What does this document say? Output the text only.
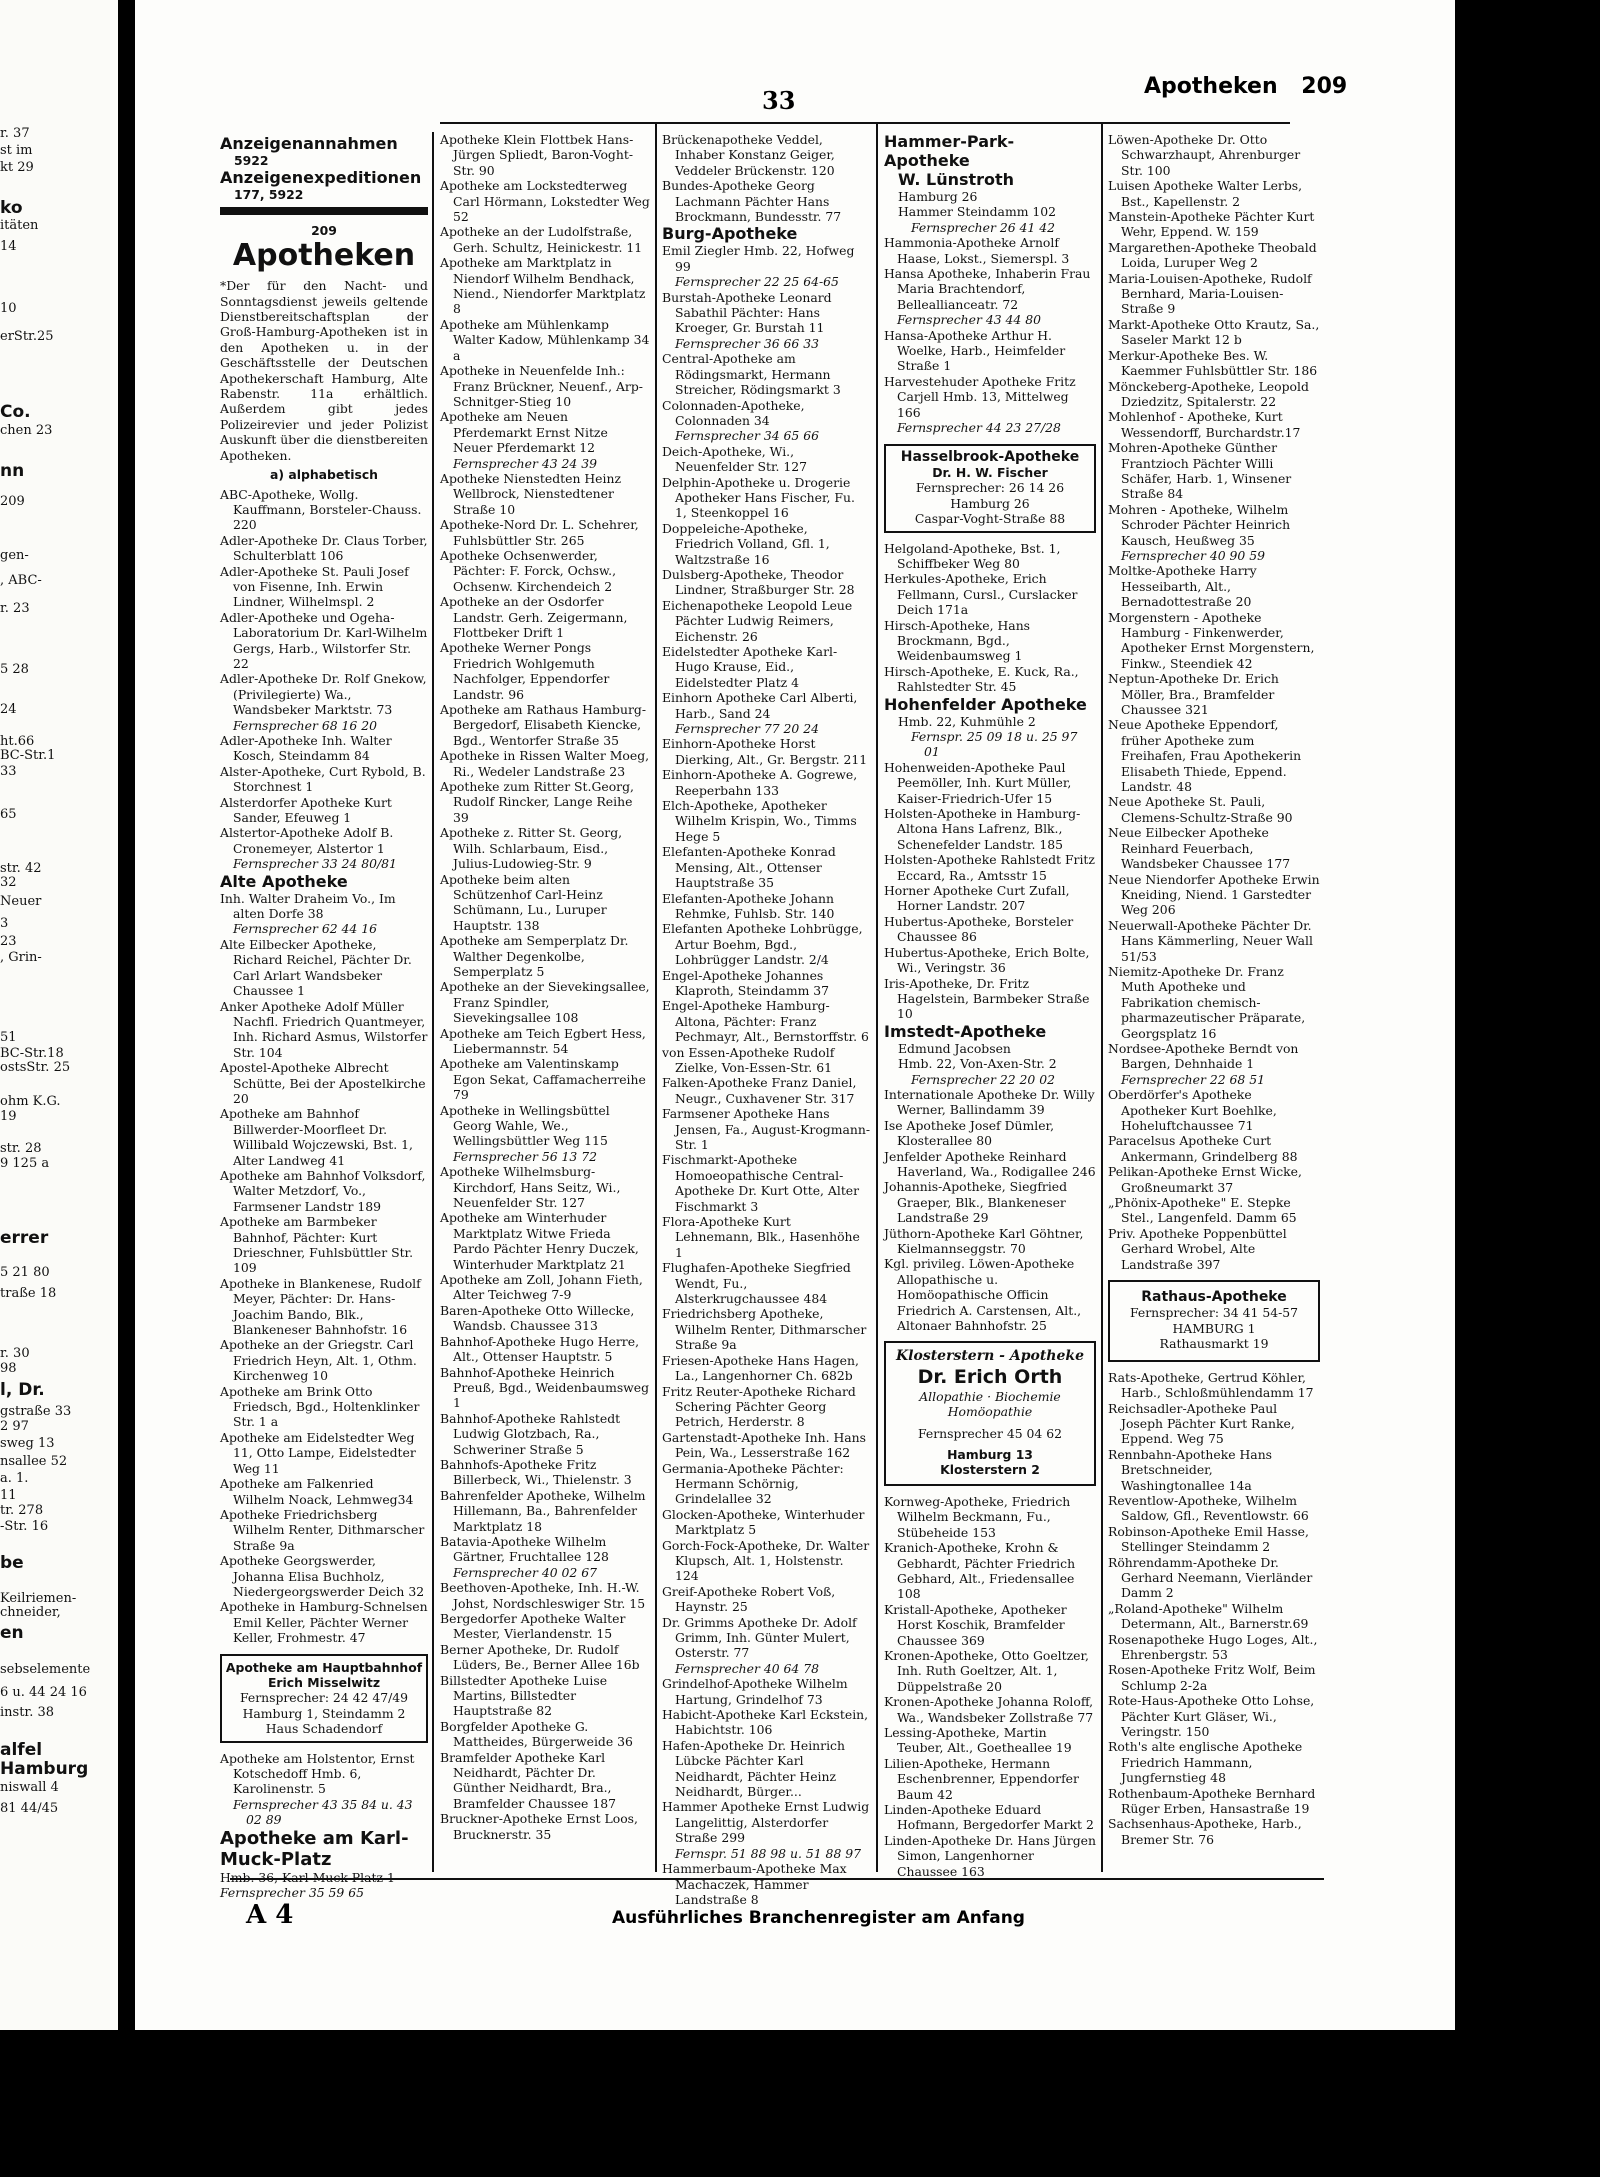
r. 37
st im
kt 29
ko
itäten
14
10
erStr.25
Co.
chen 23
nn
209
gen-
, ABC-
r. 23
5 28
24
ht.66
BC-Str.1
33
65
str. 42
32
Neuer
3
23
, Grin-
51
BC-Str.18
ostsStr. 25
ohm K.G.
19
str. 28
9 125 a
errer
5 21 80
traße 18
r. 30
98
l, Dr.
gstraße 33
2 97
sweg 13
nsallee 52
a. 1.
11
tr. 278
-Str. 16
be
Keilriemen-
chneider,
en
sebselemente
6 u. 44 24 16
instr. 38
alfel
Hamburg
niswall 4
81 44/45
33	Apotheken 209
Anzeigenannahmen
5922
Anzeigenexpeditionen
177, 5922
209
Apotheken

*Der für den Nacht- und Sonntagsdienst jeweils geltende Dienstbereitschaftsplan der Groß-Hamburg-Apotheken ist in den Apotheken u. in der Geschäftsstelle der Deutschen Apothekerschaft Hamburg, Alte Rabenstr. 11a erhältlich. Außerdem gibt jedes Polizeirevier und jeder Polizist Auskunft über die dienstbereiten Apotheken.

a) alphabetisch

ABC-Apotheke, Wollg. Kauffmann, Borsteler-Chauss. 220

Adler-Apotheke Dr. Claus Torber, Schulterblatt 106

Adler-Apotheke St. Pauli Josef von Fisenne, Inh. Erwin Lindner, Wilhelmspl. 2

Adler-Apotheke und Ogeha-Laboratorium Dr. Karl-Wilhelm Gergs, Harb., Wilstorfer Str. 22

Adler-Apotheke Dr. Rolf Gnekow, (Privilegierte) Wa., Wandsbeker Marktstr. 73

Fernsprecher 68 16 20

Adler-Apotheke Inh. Walter Kosch, Steindamm 84

Alster-Apotheke, Curt Rybold, B. Storchnest 1

Alsterdorfer Apotheke Kurt Sander, Efeuweg 1

Alstertor-Apotheke Adolf B. Cronemeyer, Alstertor 1

Fernsprecher 33 24 80/81

Alte Apotheke

Inh. Walter Draheim Vo., Im alten Dorfe 38

Fernsprecher 62 44 16

Alte Eilbecker Apotheke, Richard Reichel, Pächter Dr. Carl Arlart Wandsbeker Chaussee 1

Anker Apotheke Adolf Müller Nachfl. Friedrich Quantmeyer, Inh. Richard Asmus, Wilstorfer Str. 104

Apostel-Apotheke Albrecht Schütte, Bei der Apostelkirche 20

Apotheke am Bahnhof Billwerder-Moorfleet Dr. Willibald Wojczewski, Bst. 1, Alter Landweg 41

Apotheke am Bahnhof Volksdorf, Walter Metzdorf, Vo., Farmsener Landstr 189

Apotheke am Barmbeker Bahnhof, Pächter: Kurt Drieschner, Fuhlsbüttler Str. 109

Apotheke in Blankenese, Rudolf Meyer, Pächter: Dr. Hans-Joachim Bando, Blk., Blankeneser Bahnhofstr. 16

Apotheke an der Griegstr. Carl Friedrich Heyn, Alt. 1, Othm. Kirchenweg 10

Apotheke am Brink Otto Friedsch, Bgd., Holtenklinker Str. 1 a

Apotheke am Eidelstedter Weg 11, Otto Lampe, Eidelstedter Weg 11

Apotheke am Falkenried Wilhelm Noack, Lehmweg34

Apotheke Friedrichsberg Wilhelm Renter, Dithmarscher Straße 9a

Apotheke Georgswerder, Johanna Elisa Buchholz, Niedergeorgswerder Deich 32

Apotheke in Hamburg-Schnelsen Emil Keller, Pächter Werner Keller, Frohmestr. 47

Apotheke am Hauptbahnhof
Erich Misselwitz
Fernsprecher: 24 42 47/49
Hamburg 1, Steindamm 2
Haus Schadendorf

Apotheke am Holstentor, Ernst Kotschedoff Hmb. 6, Karolinenstr. 5

Fernsprecher 43 35 84 u. 43 02 89

Apotheke am Karl-Muck-Platz

Hmb. 36, Karl-Muck-Platz 1

Fernsprecher 35 59 65

Apotheke Klein Flottbek Hans-Jürgen Spliedt, Baron-Voght-Str. 90

Apotheke am Lockstedterweg Carl Hörmann, Lokstedter Weg 52

Apotheke an der Ludolfstraße, Gerh. Schultz, Heinickestr. 11

Apotheke am Marktplatz in Niendorf Wilhelm Bendhack, Niend., Niendorfer Marktplatz 8

Apotheke am Mühlenkamp Walter Kadow, Mühlenkamp 34 a

Apotheke in Neuenfelde Inh.: Franz Brückner, Neuenf., Arp-Schnitger-Stieg 10

Apotheke am Neuen Pferdemarkt Ernst Nitze Neuer Pferdemarkt 12

Fernsprecher 43 24 39

Apotheke Nienstedten Heinz Wellbrock, Nienstedtener Straße 10

Apotheke-Nord Dr. L. Schehrer, Fuhlsbüttler Str. 265

Apotheke Ochsenwerder, Pächter: F. Forck, Ochsw., Ochsenw. Kirchendeich 2

Apotheke an der Osdorfer Landstr. Gerh. Zeigermann, Flottbeker Drift 1

Apotheke Werner Pongs Friedrich Wohlgemuth Nachfolger, Eppendorfer Landstr. 96

Apotheke am Rathaus Hamburg-Bergedorf, Elisabeth Kiencke, Bgd., Wentorfer Straße 35

Apotheke in Rissen Walter Moeg, Ri., Wedeler Landstraße 23

Apotheke zum Ritter St.Georg, Rudolf Rincker, Lange Reihe 39

Apotheke z. Ritter St. Georg, Wilh. Schlarbaum, Eisd., Julius-Ludowieg-Str. 9

Apotheke beim alten Schützenhof Carl-Heinz Schümann, Lu., Luruper Hauptstr. 138

Apotheke am Semperplatz Dr. Walther Degenkolbe, Semperplatz 5

Apotheke an der Sievekingsallee, Franz Spindler, Sievekingsallee 108

Apotheke am Teich Egbert Hess, Liebermannstr. 54

Apotheke am Valentinskamp Egon Sekat, Caffamacherreihe 79

Apotheke in Wellingsbüttel Georg Wahle, We., Wellingsbüttler Weg 115

Fernsprecher 56 13 72

Apotheke Wilhelmsburg-Kirchdorf, Hans Seitz, Wi., Neuenfelder Str. 127

Apotheke am Winterhuder Marktplatz Witwe Frieda Pardo Pächter Henry Duczek, Winterhuder Marktplatz 21

Apotheke am Zoll, Johann Fieth, Alter Teichweg 7-9

Baren-Apotheke Otto Willecke, Wandsb. Chaussee 313

Bahnhof-Apotheke Hugo Herre, Alt., Ottenser Hauptstr. 5

Bahnhof-Apotheke Heinrich Preuß, Bgd., Weidenbaumsweg 1

Bahnhof-Apotheke Rahlstedt Ludwig Glotzbach, Ra., Schweriner Straße 5

Bahnhofs-Apotheke Fritz Billerbeck, Wi., Thielenstr. 3

Bahrenfelder Apotheke, Wilhelm Hillemann, Ba., Bahrenfelder Marktplatz 18

Batavia-Apotheke Wilhelm Gärtner, Fruchtallee 128

Fernsprecher 40 02 67

Beethoven-Apotheke, Inh. H.-W. Johst, Nordschleswiger Str. 15

Bergedorfer Apotheke Walter Mester, Vierlandenstr. 15

Berner Apotheke, Dr. Rudolf Lüders, Be., Berner Allee 16b

Billstedter Apotheke Luise Martins, Billstedter Hauptstraße 82

Borgfelder Apotheke G. Mattheides, Bürgerweide 36

Bramfelder Apotheke Karl Neidhardt, Pächter Dr. Günther Neidhardt, Bra., Bramfelder Chaussee 187

Bruckner-Apotheke Ernst Loos, Brucknerstr. 35

Brückenapotheke Veddel, Inhaber Konstanz Geiger, Veddeler Brückenstr. 120

Bundes-Apotheke Georg Lachmann Pächter Hans Brockmann, Bundesstr. 77

Burg-Apotheke

Emil Ziegler Hmb. 22, Hofweg 99

Fernsprecher 22 25 64-65

Burstah-Apotheke Leonard Sabathil Pächter: Hans Kroeger, Gr. Burstah 11

Fernsprecher 36 66 33

Central-Apotheke am Rödingsmarkt, Hermann Streicher, Rödingsmarkt 3

Colonnaden-Apotheke, Colonnaden 34

Fernsprecher 34 65 66

Deich-Apotheke, Wi., Neuenfelder Str. 127

Delphin-Apotheke u. Drogerie Apotheker Hans Fischer, Fu. 1, Steenkoppel 16

Doppeleiche-Apotheke, Friedrich Volland, Gfl. 1, Waltzstraße 16

Dulsberg-Apotheke, Theodor Lindner, Straßburger Str. 28

Eichenapotheke Leopold Leue Pächter Ludwig Reimers, Eichenstr. 26

Eidelstedter Apotheke Karl-Hugo Krause, Eid., Eidelstedter Platz 4

Einhorn Apotheke Carl Alberti, Harb., Sand 24

Fernsprecher 77 20 24

Einhorn-Apotheke Horst Dierking, Alt., Gr. Bergstr. 211

Einhorn-Apotheke A. Gogrewe, Reeperbahn 133

Elch-Apotheke, Apotheker Wilhelm Krispin, Wo., Timms Hege 5

Elefanten-Apotheke Konrad Mensing, Alt., Ottenser Hauptstraße 35

Elefanten-Apotheke Johann Rehmke, Fuhlsb. Str. 140

Elefanten Apotheke Lohbrügge, Artur Boehm, Bgd., Lohbrügger Landstr. 2/4

Engel-Apotheke Johannes Klaproth, Steindamm 37

Engel-Apotheke Hamburg-Altona, Pächter: Franz Pechmayr, Alt., Bernstorffstr. 6

von Essen-Apotheke Rudolf Zielke, Von-Essen-Str. 61

Falken-Apotheke Franz Daniel, Neugr., Cuxhavener Str. 317

Farmsener Apotheke Hans Jensen, Fa., August-Krogmann-Str. 1

Fischmarkt-Apotheke Homoeopathische Central-Apotheke Dr. Kurt Otte, Alter Fischmarkt 3

Flora-Apotheke Kurt Lehnemann, Blk., Hasenhöhe 1

Flughafen-Apotheke Siegfried Wendt, Fu., Alsterkrugchaussee 484

Friedrichsberg Apotheke, Wilhelm Renter, Dithmarscher Straße 9a

Friesen-Apotheke Hans Hagen, La., Langenhorner Ch. 682b

Fritz Reuter-Apotheke Richard Schering Pächter Georg Petrich, Herderstr. 8

Gartenstadt-Apotheke Inh. Hans Pein, Wa., Lesserstraße 162

Germania-Apotheke Pächter: Hermann Schörnig, Grindelallee 32

Glocken-Apotheke, Winterhuder Marktplatz 5

Gorch-Fock-Apotheke, Dr. Walter Klupsch, Alt. 1, Holstenstr. 124

Greif-Apotheke Robert Voß, Haynstr. 25

Dr. Grimms Apotheke Dr. Adolf Grimm, Inh. Günter Mulert, Osterstr. 77

Fernsprecher 40 64 78

Grindelhof-Apotheke Wilhelm Hartung, Grindelhof 73

Habicht-Apotheke Karl Eckstein, Habichtstr. 106

Hafen-Apotheke Dr. Heinrich Lübcke Pächter Karl Neidhardt, Pächter Heinz Neidhardt, Bürger...

Hammer Apotheke Ernst Ludwig Langelittig, Alsterdorfer Straße 299

Fernspr. 51 88 98 u. 51 88 97

Hammerbaum-Apotheke Max Machaczek, Hammer Landstraße 8

Hammer-Park-Apotheke
W. Lünstroth

Hamburg 26

Hammer Steindamm 102

Fernsprecher 26 41 42

Hammonia-Apotheke Arnolf Haase, Lokst., Siemerspl. 3

Hansa Apotheke, Inhaberin Frau Maria Brachtendorf, Belleallianceatr. 72

Fernsprecher 43 44 80

Hansa-Apotheke Arthur H. Woelke, Harb., Heimfelder Straße 1

Harvestehuder Apotheke Fritz Carjell Hmb. 13, Mittelweg 166

Fernsprecher 44 23 27/28

Hasselbrook-Apotheke
Dr. H. W. Fischer
Fernsprecher: 26 14 26
Hamburg 26
Caspar-Voght-Straße 88

Helgoland-Apotheke, Bst. 1, Schiffbeker Weg 80

Herkules-Apotheke, Erich Fellmann, Cursl., Curslacker Deich 171a

Hirsch-Apotheke, Hans Brockmann, Bgd., Weidenbaumsweg 1

Hirsch-Apotheke, E. Kuck, Ra., Rahlstedter Str. 45

Hohenfelder Apotheke

Hmb. 22, Kuhmühle 2

Fernspr. 25 09 18 u. 25 97 01

Hohenweiden-Apotheke Paul Peemöller, Inh. Kurt Müller, Kaiser-Friedrich-Ufer 15

Holsten-Apotheke in Hamburg-Altona Hans Lafrenz, Blk., Schenefelder Landstr. 185

Holsten-Apotheke Rahlstedt Fritz Eccard, Ra., Amtsstr 15

Horner Apotheke Curt Zufall, Horner Landstr. 207

Hubertus-Apotheke, Borsteler Chaussee 86

Hubertus-Apotheke, Erich Bolte, Wi., Veringstr. 36

Iris-Apotheke, Dr. Fritz Hagelstein, Barmbeker Straße 10

Imstedt-Apotheke

Edmund Jacobsen

Hmb. 22, Von-Axen-Str. 2

Fernsprecher 22 20 02

Internationale Apotheke Dr. Willy Werner, Ballindamm 39

Ise Apotheke Josef Dümler, Klosterallee 80

Jenfelder Apotheke Reinhard Haverland, Wa., Rodigallee 246

Johannis-Apotheke, Siegfried Graeper, Blk., Blankeneser Landstraße 29

Jüthorn-Apotheke Karl Göhtner, Kielmannseggstr. 70

Kgl. privileg. Löwen-Apotheke Allopathische u. Homöopathische Officin Friedrich A. Carstensen, Alt., Altonaer Bahnhofstr. 25

Klosterstern - Apotheke
Dr. Erich Orth
Allopathie · Biochemie
Homöopathie
Fernsprecher 45 04 62
Hamburg 13
Klosterstern 2

Kornweg-Apotheke, Friedrich Wilhelm Beckmann, Fu., Stübeheide 153

Kranich-Apotheke, Krohn & Gebhardt, Pächter Friedrich Gebhard, Alt., Friedensallee 108

Kristall-Apotheke, Apotheker Horst Koschik, Bramfelder Chaussee 369

Kronen-Apotheke, Otto Goeltzer, Inh. Ruth Goeltzer, Alt. 1, Düppelstraße 20

Kronen-Apotheke Johanna Roloff, Wa., Wandsbeker Zollstraße 77

Lessing-Apotheke, Martin Teuber, Alt., Goetheallee 19

Lilien-Apotheke, Hermann Eschenbrenner, Eppendorfer Baum 42

Linden-Apotheke Eduard Hofmann, Bergedorfer Markt 2

Linden-Apotheke Dr. Hans Jürgen Simon, Langenhorner Chaussee 163

Löwen-Apotheke Dr. Otto Schwarzhaupt, Ahrenburger Str. 100

Luisen Apotheke Walter Lerbs, Bst., Kapellenstr. 2

Manstein-Apotheke Pächter Kurt Wehr, Eppend. W. 159

Margarethen-Apotheke Theobald Loida, Luruper Weg 2

Maria-Louisen-Apotheke, Rudolf Bernhard, Maria-Louisen-Straße 9

Markt-Apotheke Otto Krautz, Sa., Saseler Markt 12 b

Merkur-Apotheke Bes. W. Kaemmer Fuhlsbüttler Str. 186

Mönckeberg-Apotheke, Leopold Dziedzitz, Spitalerstr. 22

Mohlenhof - Apotheke, Kurt Wessendorff, Burchardstr.17

Mohren-Apotheke Günther Frantzioch Pächter Willi Schäfer, Harb. 1, Winsener Straße 84

Mohren - Apotheke, Wilhelm Schroder Pächter Heinrich Kausch, Heußweg 35

Fernsprecher 40 90 59

Moltke-Apotheke Harry Hesseibarth, Alt., Bernadottestraße 20

Morgenstern - Apotheke Hamburg - Finkenwerder, Apotheker Ernst Morgenstern, Finkw., Steendiek 42

Neptun-Apotheke Dr. Erich Möller, Bra., Bramfelder Chaussee 321

Neue Apotheke Eppendorf, früher Apotheke zum Freihafen, Frau Apothekerin Elisabeth Thiede, Eppend. Landstr. 48

Neue Apotheke St. Pauli, Clemens-Schultz-Straße 90

Neue Eilbecker Apotheke Reinhard Feuerbach, Wandsbeker Chaussee 177

Neue Niendorfer Apotheke Erwin Kneiding, Niend. 1 Garstedter Weg 206

Neuerwall-Apotheke Pächter Dr. Hans Kämmerling, Neuer Wall 51/53

Niemitz-Apotheke Dr. Franz Muth Apotheke und Fabrikation chemisch-pharmazeutischer Präparate, Georgsplatz 16

Nordsee-Apotheke Berndt von Bargen, Dehnhaide 1

Fernsprecher 22 68 51

Oberdörfer's Apotheke Apotheker Kurt Boehlke, Hoheluftchaussee 71

Paracelsus Apotheke Curt Ankermann, Grindelberg 88

Pelikan-Apotheke Ernst Wicke, Großneumarkt 37

„Phönix-Apotheke" E. Stepke Stel., Langenfeld. Damm 65

Priv. Apotheke Poppenbüttel Gerhard Wrobel, Alte Landstraße 397

Rathaus-Apotheke
Fernsprecher: 34 41 54-57
HAMBURG 1
Rathausmarkt 19

Rats-Apotheke, Gertrud Köhler, Harb., Schloßmühlendamm 17

Reichsadler-Apotheke Paul Joseph Pächter Kurt Ranke, Eppend. Weg 75

Rennbahn-Apotheke Hans Bretschneider, Washingtonallee 14a

Reventlow-Apotheke, Wilhelm Saldow, Gfl., Reventlowstr. 66

Robinson-Apotheke Emil Hasse, Stellinger Steindamm 2

Röhrendamm-Apotheke Dr. Gerhard Neemann, Vierländer Damm 2

„Roland-Apotheke" Wilhelm Determann, Alt., Barnerstr.69

Rosenapotheke Hugo Loges, Alt., Ehrenbergstr. 53

Rosen-Apotheke Fritz Wolf, Beim Schlump 2-2a

Rote-Haus-Apotheke Otto Lohse, Pächter Kurt Gläser, Wi., Veringstr. 150

Roth's alte englische Apotheke Friedrich Hammann, Jungfernstieg 48

Rothenbaum-Apotheke Bernhard Rüger Erben, Hansastraße 19

Sachsenhaus-Apotheke, Harb., Bremer Str. 76

A 4	Ausführliches Branchenregister am Anfang
